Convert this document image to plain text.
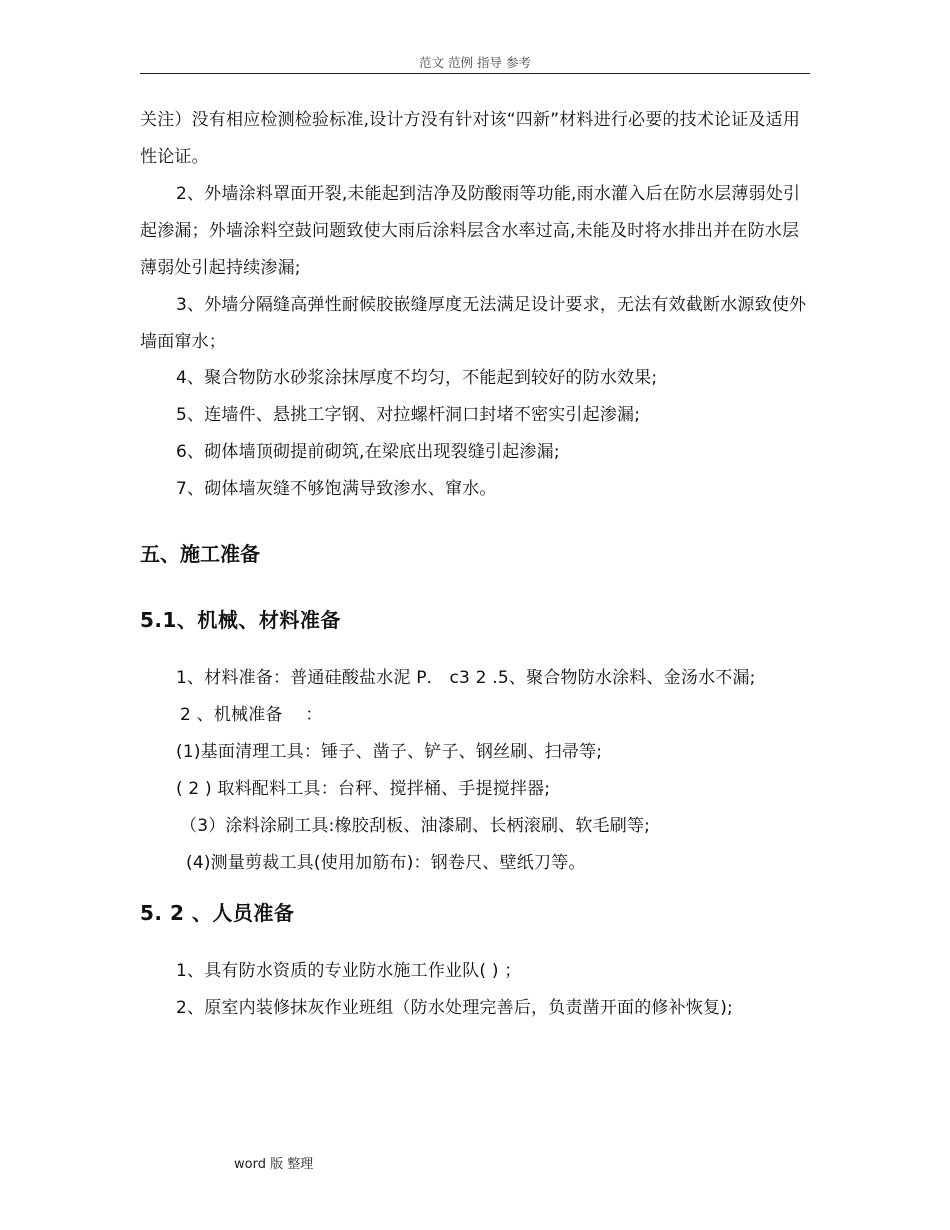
范文 范例 指导 参考

关注）没有相应检测检验标准,设计方没有针对该“四新”材料进行必要的技术论证及适用性论证。

2、外墙涂料罩面开裂,未能起到洁净及防酸雨等功能,雨水灌入后在防水层薄弱处引起渗漏；外墙涂料空鼓问题致使大雨后涂料层含水率过高,未能及时将水排出并在防水层薄弱处引起持续渗漏;

3、外墙分隔缝高弹性耐候胶嵌缝厚度无法满足设计要求，无法有效截断水源致使外墙面窜水；

4、聚合物防水砂浆涂抹厚度不均匀，不能起到较好的防水效果;
5、连墙件、悬挑工字钢、对拉螺杆洞口封堵不密实引起渗漏;
6、砌体墙顶砌提前砌筑,在梁底出现裂缝引起渗漏;
7、砌体墙灰缝不够饱满导致渗水、窜水。
五、施工准备
5.1、机械、材料准备
1、材料准备：普通硅酸盐水泥 P． c3 2 .5、聚合物防水涂料、金汤水不漏;
2 、机械准备 　：
(1)基面清理工具：锤子、凿子、铲子、钢丝刷、扫帚等;
( 2 ) 取料配料工具：台秤、搅拌桶、手提搅拌器;
（3）涂料涂刷工具:橡胶刮板、油漆刷、长柄滚刷、软毛刷等;
(4)测量剪裁工具(使用加筋布)：钢卷尺、壁纸刀等。
5. 2 、人员准备
1、具有防水资质的专业防水施工作业队( ) ；
2、原室内装修抹灰作业班组（防水处理完善后，负责凿开面的修补恢复);
word 版 整理
